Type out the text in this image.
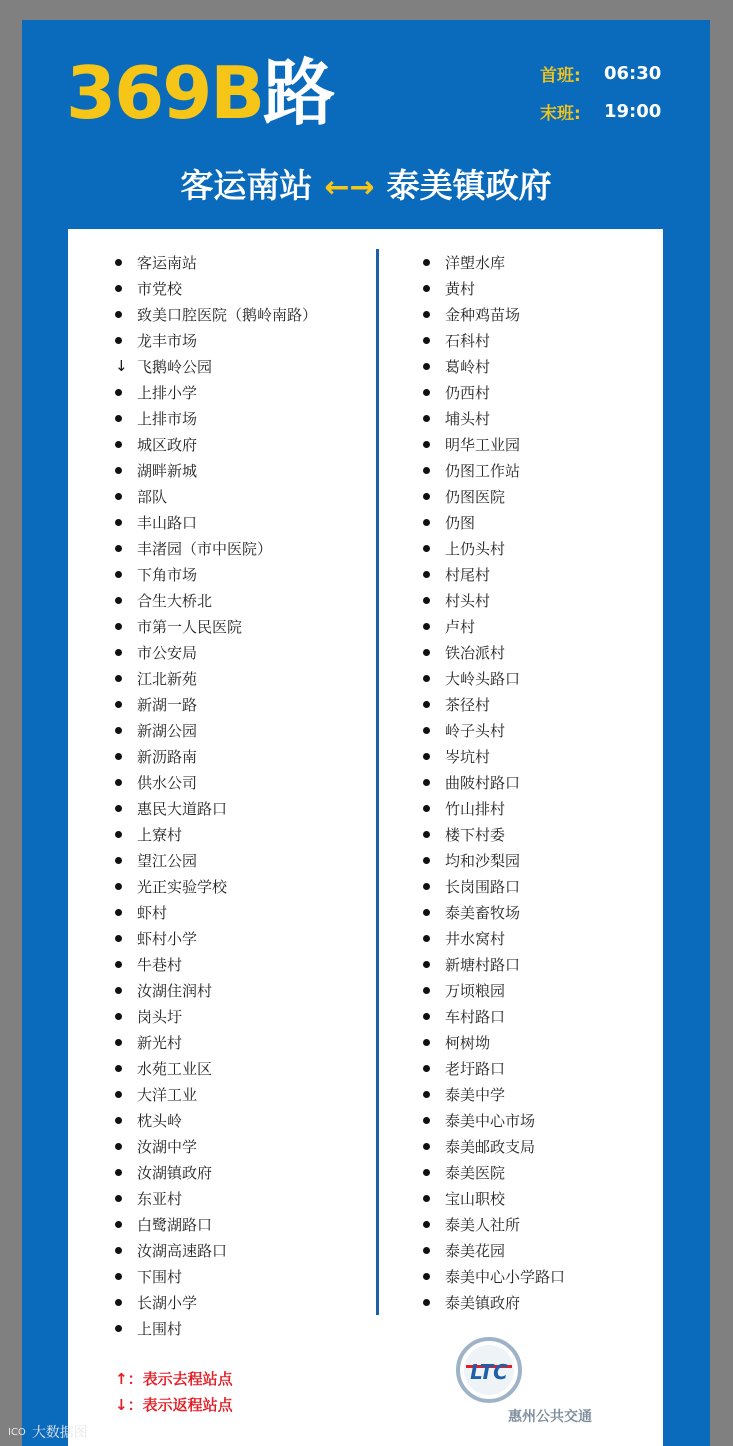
369B路	首班:	06:30
末班:	19:00
客运南站 ←→ 泰美镇政府
客运南站
市党校
致美口腔医院（鹅岭南路）
龙丰市场
↓ 飞鹅岭公园
上排小学
上排市场
城区政府
湖畔新城
部队
丰山路口
丰渚园（市中医院）
下角市场
合生大桥北
市第一人民医院
市公安局
江北新苑
新湖一路
新湖公园
新沥路南
供水公司
惠民大道路口
上寮村
望江公园
光正实验学校
虾村
虾村小学
牛巷村
汝湖住润村
岗头圩
新光村
水苑工业区
大洋工业
枕头岭
汝湖中学
汝湖镇政府
东亚村
白鹭湖路口
汝湖高速路口
下围村
长湖小学
上围村
洋塱水库
黄村
金种鸡苗场
石科村
葛岭村
仍西村
埔头村
明华工业园
仍图工作站
仍图医院
仍图
上仍头村
村尾村
村头村
卢村
铁冶派村
大岭头路口
茶径村
岭子头村
岑坑村
曲陂村路口
竹山排村
楼下村委
均和沙梨园
长岗围路口
泰美畜牧场
井水窝村
新塘村路口
万顷粮园
车村路口
柯树坳
老圩路口
泰美中学
泰美中心市场
泰美邮政支局
泰美医院
宝山职校
泰美人社所
泰美花园
泰美中心小学路口
泰美镇政府
↑：表示去程站点
↓：表示返程站点
LTC
惠州公共交通
ICO 大数据图
